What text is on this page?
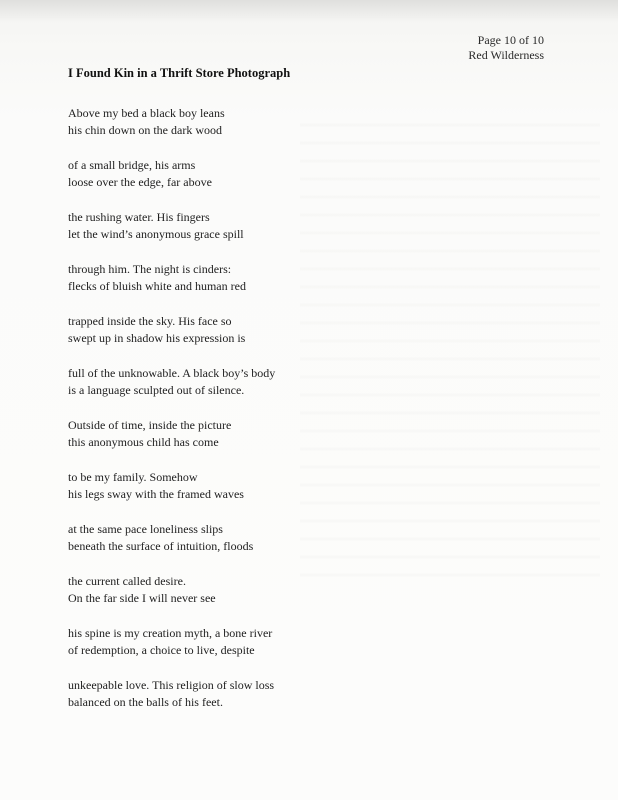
Page 10 of 10
Red Wilderness
I Found Kin in a Thrift Store Photograph
Above my bed a black boy leans
his chin down on the dark wood
of a small bridge, his arms
loose over the edge, far above
the rushing water. His fingers
let the wind’s anonymous grace spill
through him. The night is cinders:
flecks of bluish white and human red
trapped inside the sky. His face so
swept up in shadow his expression is
full of the unknowable. A black boy’s body
is a language sculpted out of silence.
Outside of time, inside the picture
this anonymous child has come
to be my family. Somehow
his legs sway with the framed waves
at the same pace loneliness slips
beneath the surface of intuition, floods
the current called desire.
On the far side I will never see
his spine is my creation myth, a bone river
of redemption, a choice to live, despite
unkeepable love. This religion of slow loss
balanced on the balls of his feet.
